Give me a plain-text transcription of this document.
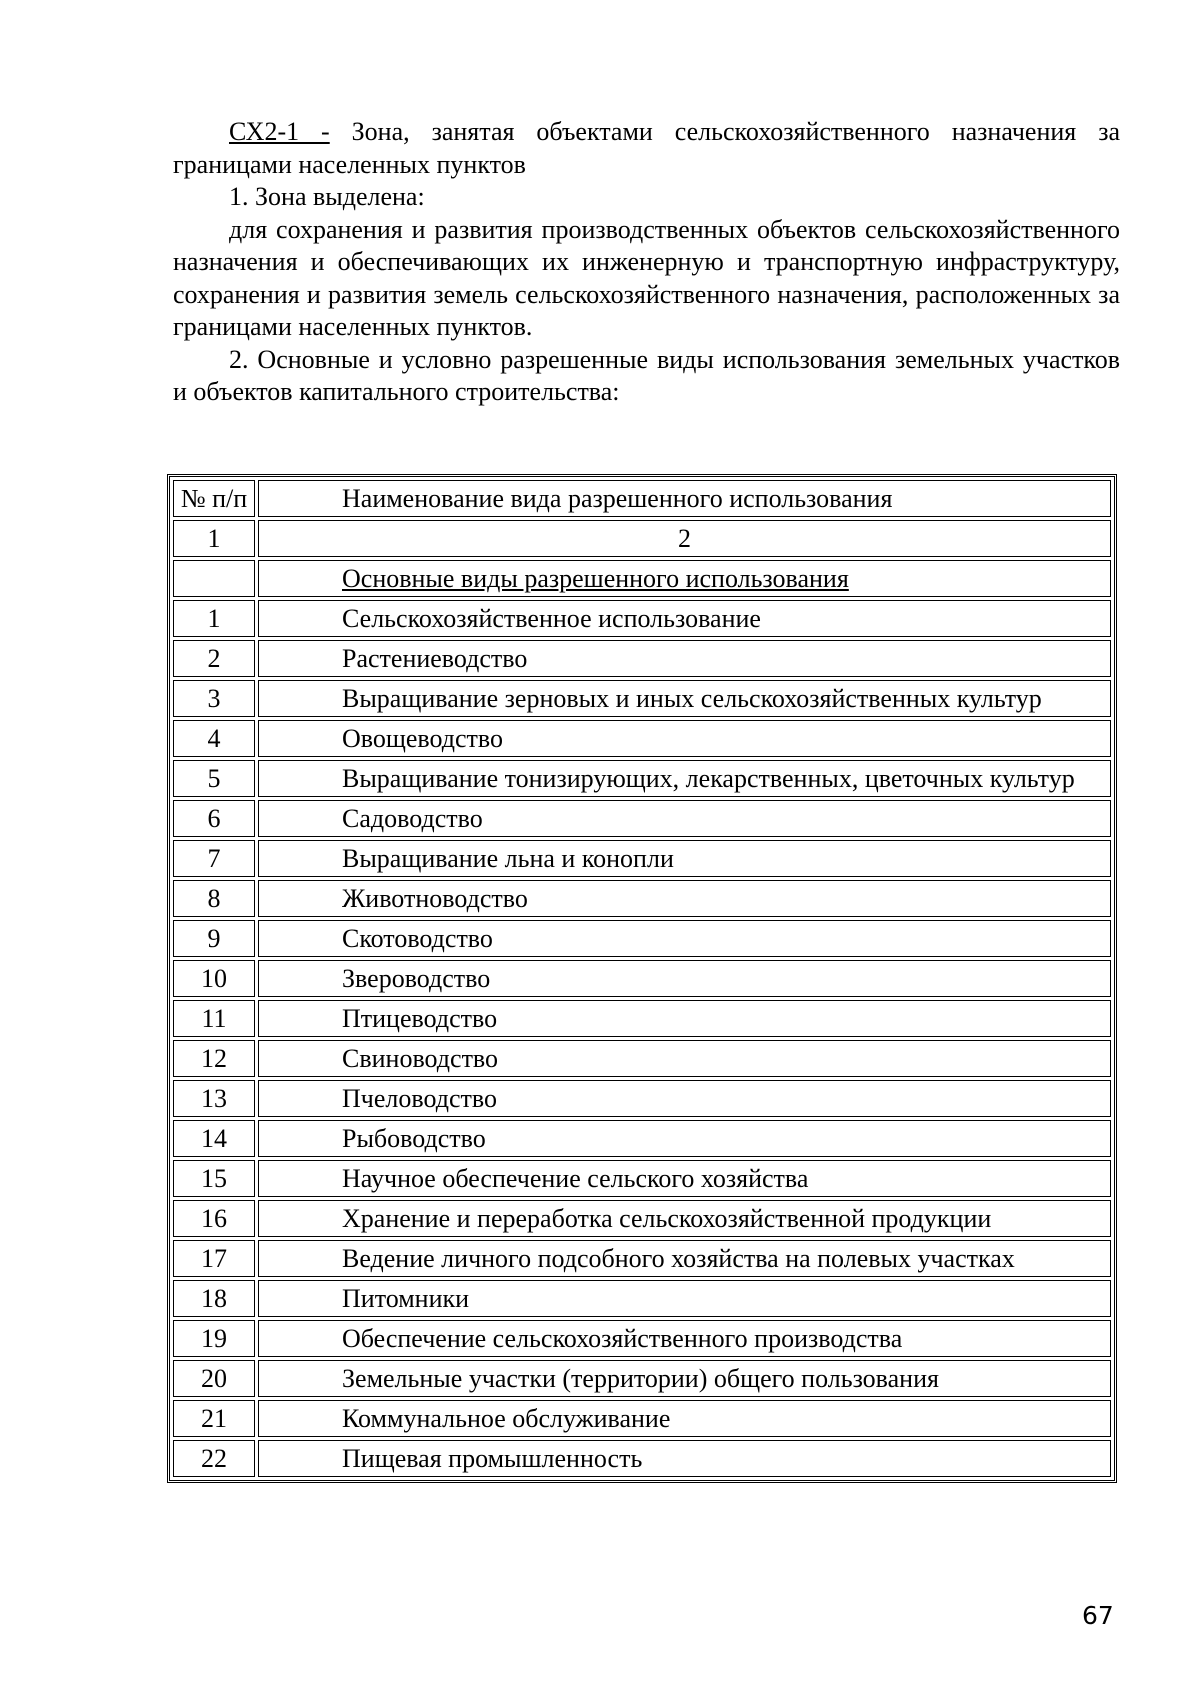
СХ2-1 - Зона, занятая объектами сельскохозяйственного назначения за границами населенных пунктов

1. Зона выделена:

для сохранения и развития производственных объектов сельскохозяйственного назначения и обеспечивающих их инженерную и транспортную инфраструктуру, сохранения и развития земель сельскохозяйственного назначения, расположенных за границами населенных пунктов.

2. Основные и условно разрешенные виды использования земельных участков и объектов капитального строительства:

№ п/п	Наименование вида разрешенного использования
1	2
	Основные виды разрешенного использования
1	Сельскохозяйственное использование
2	Растениеводство
3	Выращивание зерновых и иных сельскохозяйственных культур
4	Овощеводство
5	Выращивание тонизирующих, лекарственных, цветочных культур
6	Садоводство
7	Выращивание льна и конопли
8	Животноводство
9	Скотоводство
10	Звероводство
11	Птицеводство
12	Свиноводство
13	Пчеловодство
14	Рыбоводство
15	Научное обеспечение сельского хозяйства
16	Хранение и переработка сельскохозяйственной продукции
17	Ведение личного подсобного хозяйства на полевых участках
18	Питомники
19	Обеспечение сельскохозяйственного производства
20	Земельные участки (территории) общего пользования
21	Коммунальное обслуживание
22	Пищевая промышленность
67
